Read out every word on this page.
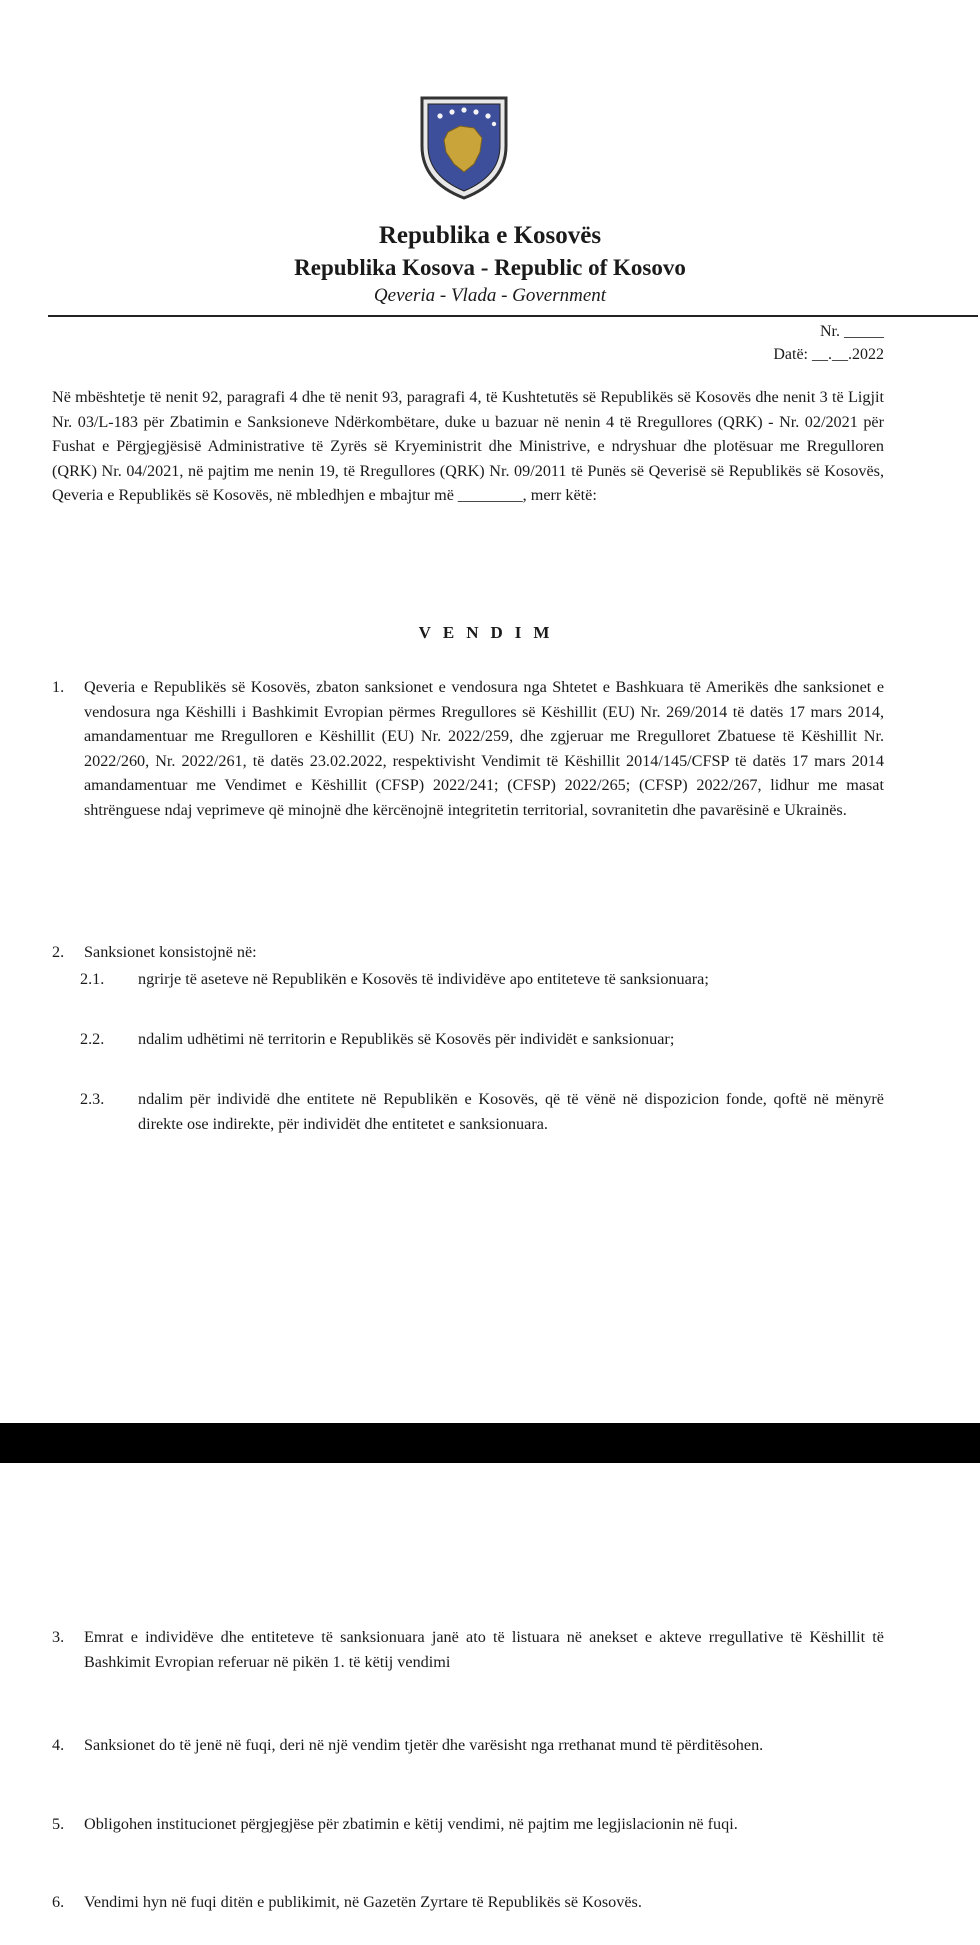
Republika e Kosovës
Republika Kosova - Republic of Kosovo
Qeveria - Vlada - Government
Nr. _____
Datë: __.__.2022
Në mbështetje të nenit 92, paragrafi 4 dhe të nenit 93, paragrafi 4, të Kushtetutës së Republikës së Kosovës dhe nenit 3 të Ligjit Nr. 03/L-183 për Zbatimin e Sanksioneve Ndërkombëtare, duke u bazuar në nenin 4 të Rregullores (QRK) - Nr. 02/2021 për Fushat e Përgjegjësisë Administrative të Zyrës së Kryeministrit dhe Ministrive, e ndryshuar dhe plotësuar me Rregulloren (QRK) Nr. 04/2021, në pajtim me nenin 19, të Rregullores (QRK) Nr. 09/2011 të Punës së Qeverisë së Republikës së Kosovës, Qeveria e Republikës së Kosovës, në mbledhjen e mbajtur më ________, merr këtë:
VENDIM
1.	Qeveria e Republikës së Kosovës, zbaton sanksionet e vendosura nga Shtetet e Bashkuara të Amerikës dhe sanksionet e vendosura nga Këshilli i Bashkimit Evropian përmes Rregullores së Këshillit (EU) Nr. 269/2014 të datës 17 mars 2014, amandamentuar me Rregulloren e Këshillit (EU) Nr. 2022/259, dhe zgjeruar me Rregulloret Zbatuese të Këshillit Nr. 2022/260, Nr. 2022/261, të datës 23.02.2022, respektivisht Vendimit të Këshillit 2014/145/CFSP të datës 17 mars 2014 amandamentuar me Vendimet e Këshillit (CFSP) 2022/241; (CFSP) 2022/265; (CFSP) 2022/267, lidhur me masat shtrënguese ndaj veprimeve që minojnë dhe kërcënojnë integritetin territorial, sovranitetin dhe pavarësinë e Ukrainës.
2.	Sanksionet konsistojnë në:
2.1.	ngrirje të aseteve në Republikën e Kosovës të individëve apo entiteteve të sanksionuara;
2.2.	ndalim udhëtimi në territorin e Republikës së Kosovës për individët e sanksionuar;
2.3.	ndalim për individë dhe entitete në Republikën e Kosovës, që të vënë në dispozicion fonde, qoftë në mënyrë direkte ose indirekte, për individët dhe entitetet e sanksionuara.
3.	Emrat e individëve dhe entiteteve të sanksionuara janë ato të listuara në anekset e akteve rregullative të Këshillit të Bashkimit Evropian referuar në pikën 1. të këtij vendimi
4.	Sanksionet do të jenë në fuqi, deri në një vendim tjetër dhe varësisht nga rrethanat mund të përditësohen.
5.	Obligohen institucionet përgjegjëse për zbatimin e këtij vendimi, në pajtim me legjislacionin në fuqi.
6.	Vendimi hyn në fuqi ditën e publikimit, në Gazetën Zyrtare të Republikës së Kosovës.
